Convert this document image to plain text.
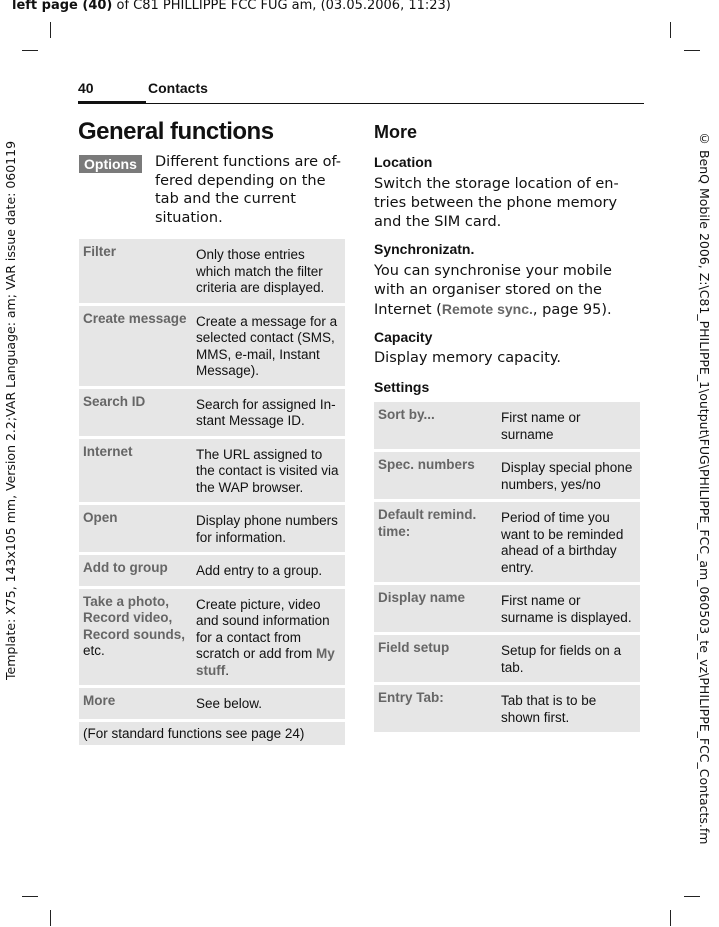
left page (40) of C81 PHILLIPPE FCC FUG am, (03.05.2006, 11:23)
Template: X75, 143x105 mm, Version 2.2;VAR Language: am; VAR issue date: 060119	© BenQ Mobile 2006, Z:\C81_PHILIPPE_1\output\FUG\PHILIPPE_FCC_am_060503_te_vz\PHILIPPE_FCC_Contacts.fm
40	Contacts
General functions
Options	Different functions are of-fered depending on the tab and the current situation.
Filter	Only those entries which match the filter criteria are displayed.
Create message	Create a message for a selected contact (SMS, MMS, e-mail, Instant Message).
Search ID	Search for assigned In-stant Message ID.
Internet	The URL assigned to the contact is visited via the WAP browser.
Open	Display phone numbers for information.
Add to group	Add entry to a group.
Take a photo, Record video, Record sounds, etc.	Create picture, video and sound information for a contact from scratch or add from My stuff.
More	See below.
(For standard functions see page 24)	
More
Location
Switch the storage location of en-tries between the phone memory and the SIM card.
Synchronizatn.
You can synchronise your mobile with an organiser stored on the Internet (Remote sync., page 95).
Capacity
Display memory capacity.
Settings
Sort by...	First name or surname
Spec. numbers	Display special phone numbers, yes/no
Default remind. time:	Period of time you want to be reminded ahead of a birthday entry.
Display name	First name or surname is displayed.
Field setup	Setup for fields on a tab.
Entry Tab:	Tab that is to be shown first.
